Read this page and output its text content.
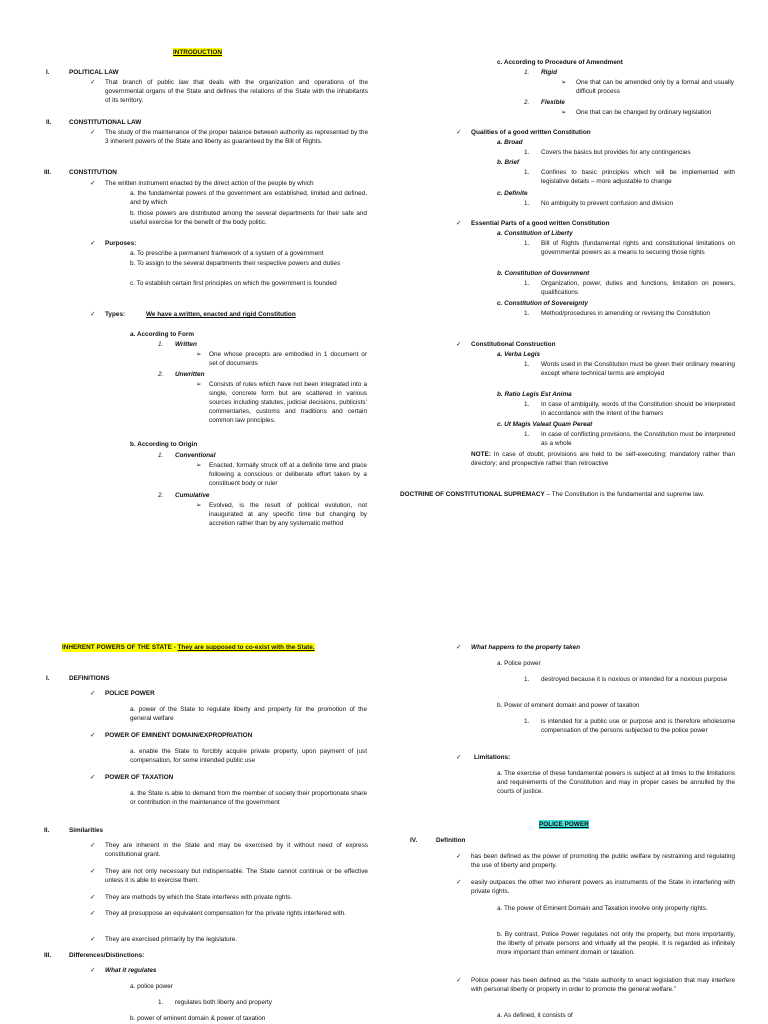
INTRODUCTION
I.	POLITICAL LAW
✓ That branch of public law that deals with the organization and operations of the governmental organs of the State and defines the relations of the State with the inhabitants of its territory.
II.	CONSTITUTIONAL LAW
✓ The study of the maintenance of the proper balance between authority as represented by the 3 inherent powers of the State and liberty as guaranteed by the Bill of Rights.
III.	CONSTITUTION
✓ The written instrument enacted by the direct action of the people by which
a. the fundamental powers of the government are established, limited and defined, and by which
b. those powers are distributed among the several departments for their safe and useful exercise for the benefit of the body politic.
✓ Purposes:
a. To prescribe a permanent framework of a system of a government
b. To assign to the several departments their respective powers and duties
c. To establish certain first principles on which the government is founded
✓ Types:	We have a written, enacted and rigid Constitution
a. According to Form
1. Written
➢ One whose precepts are embodied in 1 document or set of documents
2. Unwritten
➢ Consists of rules which have not been integrated into a single, concrete form but are scattered in various sources including statutes, judicial decisions, publicists’ commentaries, customs and traditions and certain common law principles.
b. According to Origin
1. Conventional
➢ Enacted, formally struck off at a definite time and place following a conscious or deliberate effort taken by a constituent body or ruler
2. Cumulative
➢ Evolved, is the result of political evolution, not inaugurated at any specific time but changing by accretion rather than by any systematic method
c. According to Procedure of Amendment
1. Rigid
➢ One that can be amended only by a formal and usually difficult process
2. Flexible
➢ One that can be changed by ordinary legislation
✓ Qualities of a good written Constitution
a. Broad
1. Covers the basics but provides for any contingencies
b. Brief
1. Confines to basic principles which will be implemented with legislative details – more adjustable to change
c. Definite
1. No ambiguity to prevent confusion and division
✓ Essential Parts of a good written Constitution
a. Constitution of Liberty
1. Bill of Rights (fundamental rights and constitutional limitations on governmental powers as a means to securing those rights
b. Constitution of Government
1. Organization, power, duties and functions, limitation on powers, qualifications
c. Constitution of Sovereignty
1. Method/procedures in amending or revising the Constitution
✓ Constitutional Construction
a. Verba Legis
1. Words used in the Constitution must be given their ordinary meaning except where technical terms are employed
b. Ratio Legis Est Anima
1. In case of ambiguity, words of the Constitution should be interpreted in accordance with the intent of the framers
c. Ut Magis Valeat Quam Pereat
1. In case of conflicting provisions, the Constitution must be interpreted as a whole
NOTE: In case of doubt, provisions are held to be self-executing; mandatory rather than directory; and prospective rather than retroactive
DOCTRINE OF CONSTITUTIONAL SUPREMACY – The Constitution is the fundamental and supreme law.
INHERENT POWERS OF THE STATE - They are supposed to co-exist with the State.
I.	DEFINITIONS
✓ POLICE POWER
a. power of the State to regulate liberty and property for the promotion of the general welfare
✓ POWER OF EMINENT DOMAIN/EXPROPRIATION
a. enable the State to forcibly acquire private property, upon payment of just compensation, for some intended public use
✓ POWER OF TAXATION
a. the State is able to demand from the member of society their proportionate share or contribution in the maintenance of the government
II.	Similarities
✓ They are inherent in the State and may be exercised by it without need of express constitutional grant.
✓ They are not only necessary but indispensable. The State cannot continue or be effective unless it is able to exercise them.
✓ They are methods by which the State interferes with private rights.
✓ They all presuppose an equivalent compensation for the private rights interfered with.
✓ They are exercised primarily by the legislature.
III.	Differences/Distinctions:
✓ What it regulates
a. police power
1. regulates both liberty and property
b. power of eminent domain & power of taxation
✓ What happens to the property taken
a. Police power
1. destroyed because it is noxious or intended for a noxious purpose
b. Power of eminent domain and power of taxation
1. is intended for a public use or purpose and is therefore wholesome compensation of the persons subjected to the police power
✓ Limitations:
a. The exercise of these fundamental powers is subject at all times to the limitations and requirements of the Constitution and may in proper cases be annulled by the courts of justice.
POLICE POWER
IV.	Definition
✓ has been defined as the power of promoting the public welfare by restraining and regulating the use of liberty and property.
✓ easily outpaces the other two inherent powers as instruments of the State in interfering with private rights.
a. The power of Eminent Domain and Taxation involve only property rights.
b. By contrast, Police Power regulates not only the property, but more importantly, the liberty of private persons and virtually all the people. It is regarded as infinitely more important than eminent domain or taxation.
✓ Police power has been defined as the “state authority to enact legislation that may interfere with personal liberty or property in order to promote the general welfare.”
a. As defined, it consists of
